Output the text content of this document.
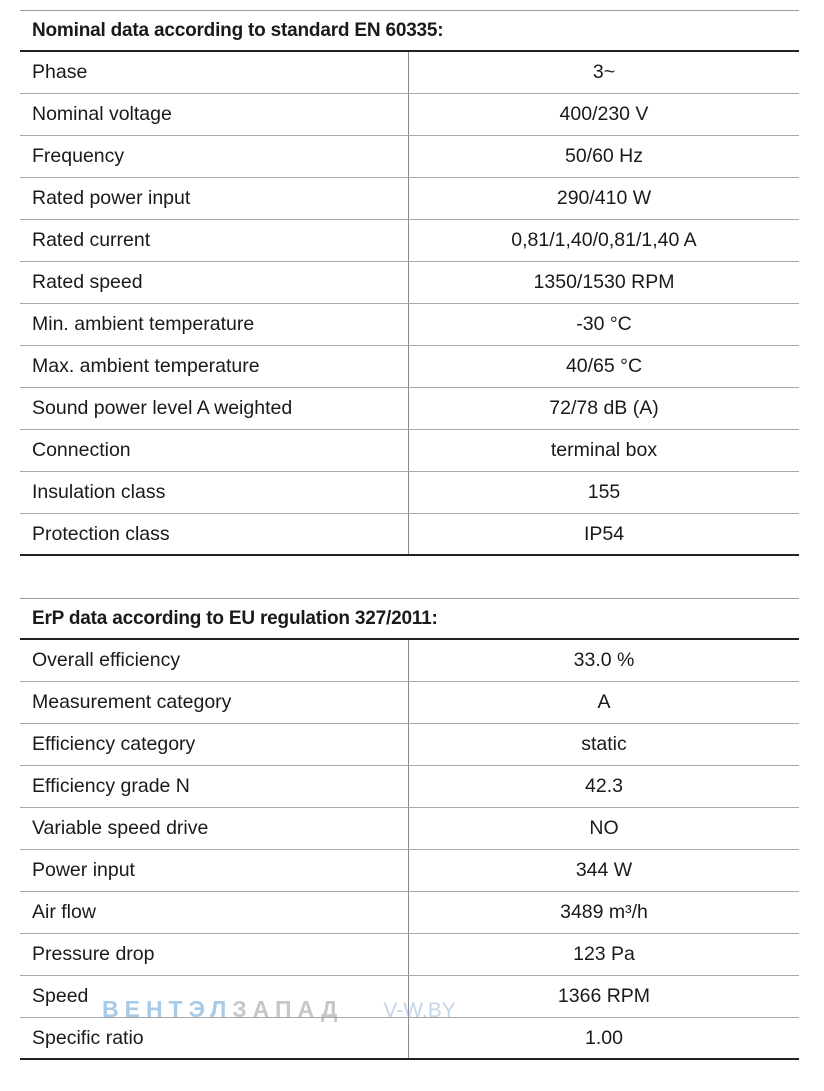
Nominal data according to standard EN 60335:
Phase	3~
Nominal voltage	400/230 V
Frequency	50/60 Hz
Rated power input	290/410 W
Rated current	0,81/1,40/0,81/1,40 A
Rated speed	1350/1530 RPM
Min. ambient temperature	-30 °C
Max. ambient temperature	40/65 °C
Sound power level A weighted	72/78 dB (A)
Connection	terminal box
Insulation class	155
Protection class	IP54
ErP data according to EU regulation 327/2011:
Overall efficiency	33.0 %
Measurement category	A
Efficiency category	static
Efficiency grade N	42.3
Variable speed drive	NO
Power input	344 W
Air flow	3489 m³/h
Pressure drop	123 Pa
Speed	1366 RPM
Specific ratio	1.00
ВЕНТЭЛЗАПАД V-W.BY
